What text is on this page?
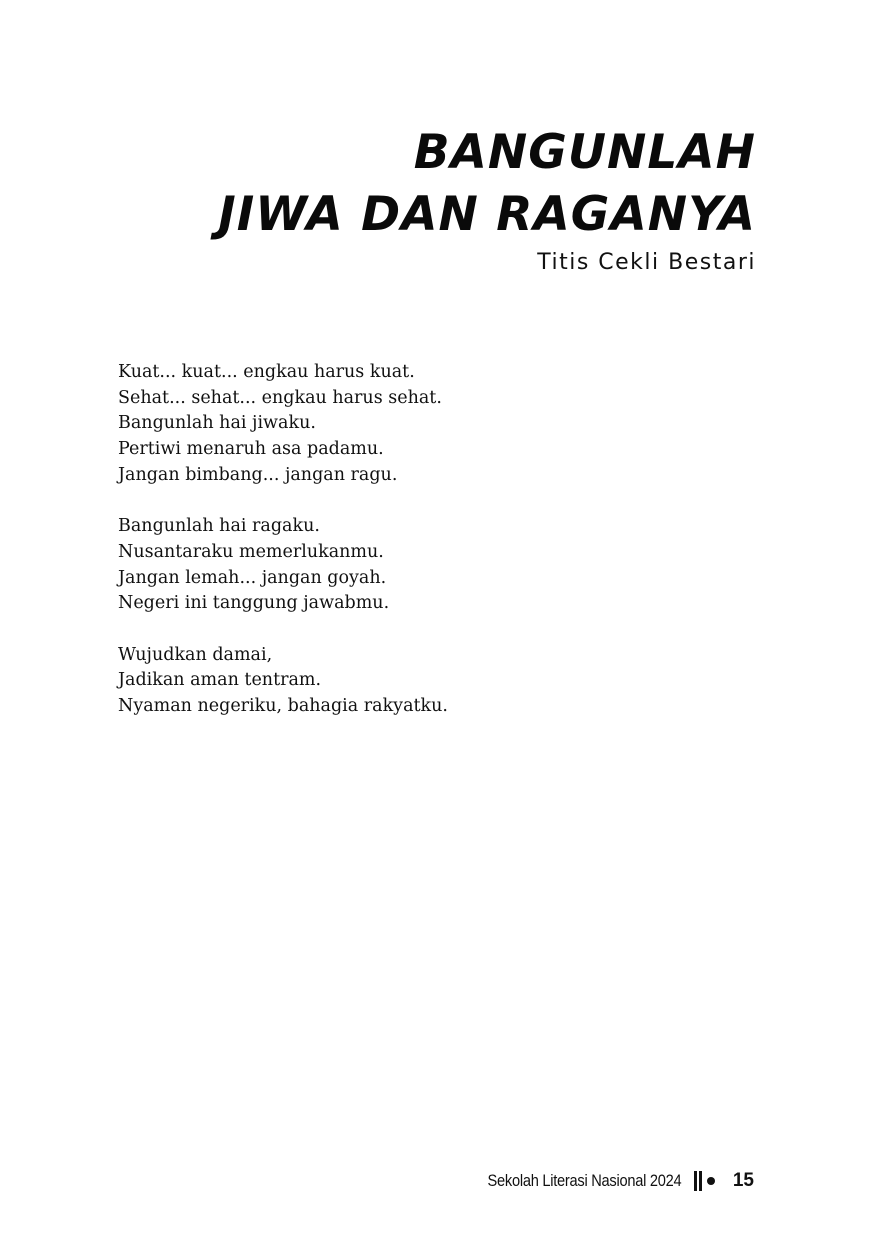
BANGUNLAH
JIWA DAN RAGANYA
Titis Cekli Bestari
Kuat... kuat... engkau harus kuat.
Sehat... sehat... engkau harus sehat.
Bangunlah hai jiwaku.
Pertiwi menaruh asa padamu.
Jangan bimbang... jangan ragu.
Bangunlah hai ragaku.
Nusantaraku memerlukanmu.
Jangan lemah... jangan goyah.
Negeri ini tanggung jawabmu.
Wujudkan damai,
Jadikan aman tentram.
Nyaman negeriku, bahagia rakyatku.
Sekolah Literasi Nasional 2024	15
